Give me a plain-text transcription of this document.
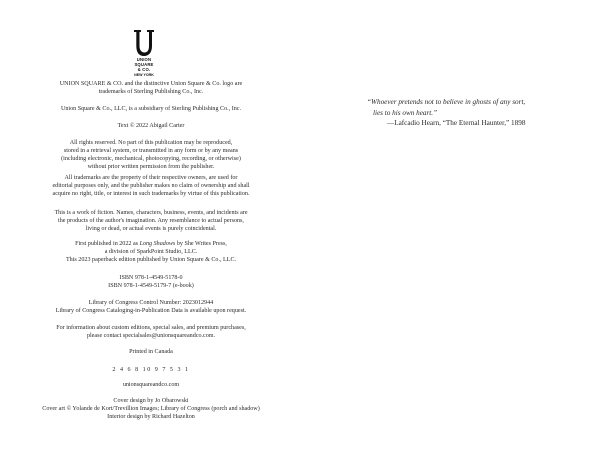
UNION
SQUARE
& CO.
NEW YORK

UNION SQUARE & CO. and the distinctive Union Square & Co. logo are
trademarks of Sterling Publishing Co., Inc.

Union Square & Co., LLC, is a subsidiary of Sterling Publishing Co., Inc.

Text © 2022 Abigail Carter

All rights reserved. No part of this publication may be reproduced,
stored in a retrieval system, or transmitted in any form or by any means
(including electronic, mechanical, photocopying, recording, or otherwise)
without prior written permission from the publisher.

All trademarks are the property of their respective owners, are used for
editorial purposes only, and the publisher makes no claim of ownership and shall
acquire no right, title, or interest in such trademarks by virtue of this publication.

This is a work of fiction. Names, characters, business, events, and incidents are
the products of the author's imagination. Any resemblance to actual persons,
living or dead, or actual events is purely coincidental.

First published in 2022 as Long Shadows by She Writes Press,

a division of SparkPoint Studio, LLC.
This 2023 paperback edition published by Union Square & Co., LLC.

ISBN 978-1-4549-5178-0

ISBN 978-1-4549-5179-7 (e-book)

Library of Congress Control Number: 2023012944
Library of Congress Cataloging-in-Publication Data is available upon request.

For information about custom editions, special sales, and premium purchases,
please contact specialsales@unionsquareandco.com.

Printed in Canada

2 4 6 8 10 9 7 5 3 1

unionsquareandco.com

Cover design by Jo Obarowski
Cover art © Yolande de Kort/Trevillion Images; Library of Congress (porch and shadow)
Interior design by Richard Hazelton

“Whoever pretends not to believe in ghosts of any sort,
lies to his own heart.”
—Lafcadio Hearn, “The Eternal Haunter,” 1898
